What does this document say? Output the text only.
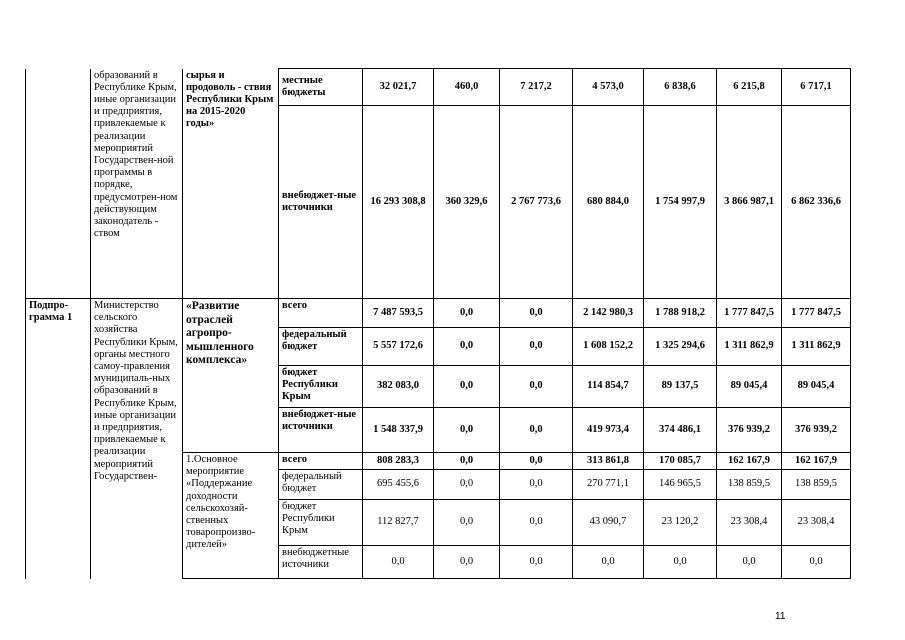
	образований в Республике Крым, иные организации и предприятия, привлекаемые к реализации мероприятий Государствен-ной программы в порядке, предусмотрен-ном действующим законодатель - ством	сырья и продоволь - ствия Республики Крым на 2015-2020 годы»	местные бюджеты	32 021,7	460,0	7 217,2	4 573,0	6 838,6	6 215,8	6 717,1
			внебюджет-ные источники	16 293 308,8	360 329,6	2 767 773,6	680 884,0	1 754 997,9	3 866 987,1	6 862 336,6
Подпро-грамма 1	Министерство сельского хозяйства Республики Крым, органы местного самоу-правления муниципаль-ных образований в Республике Крым, иные организации и предприятия, привлекаемые к реализации мероприятий Государствен-	«Развитие отраслей агропро-мышленного комплекса»	всего	7 487 593,5	0,0	0,0	2 142 980,3	1 788 918,2	1 777 847,5	1 777 847,5
			федеральный бюджет	5 557 172,6	0,0	0,0	1 608 152,2	1 325 294,6	1 311 862,9	1 311 862,9
			бюджет Республики Крым	382 083,0	0,0	0,0	114 854,7	89 137,5	89 045,4	89 045,4
			внебюджет-ные источники	1 548 337,9	0,0	0,0	419 973,4	374 486,1	376 939,2	376 939,2
		1.Основное мероприятие «Поддержание доходности сельскохозяй-ственных товаропроизво-дителей»	всего	808 283,3	0,0	0,0	313 861,8	170 085,7	162 167,9	162 167,9
			федеральный бюджет	695 455,6	0,0	0,0	270 771,1	146 965,5	138 859,5	138 859,5
			бюджет Республики Крым	112 827,7	0,0	0,0	43 090,7	23 120,2	23 308,4	23 308,4
			внебюджетные источники	0,0	0,0	0,0	0,0	0,0	0,0	0,0
11
